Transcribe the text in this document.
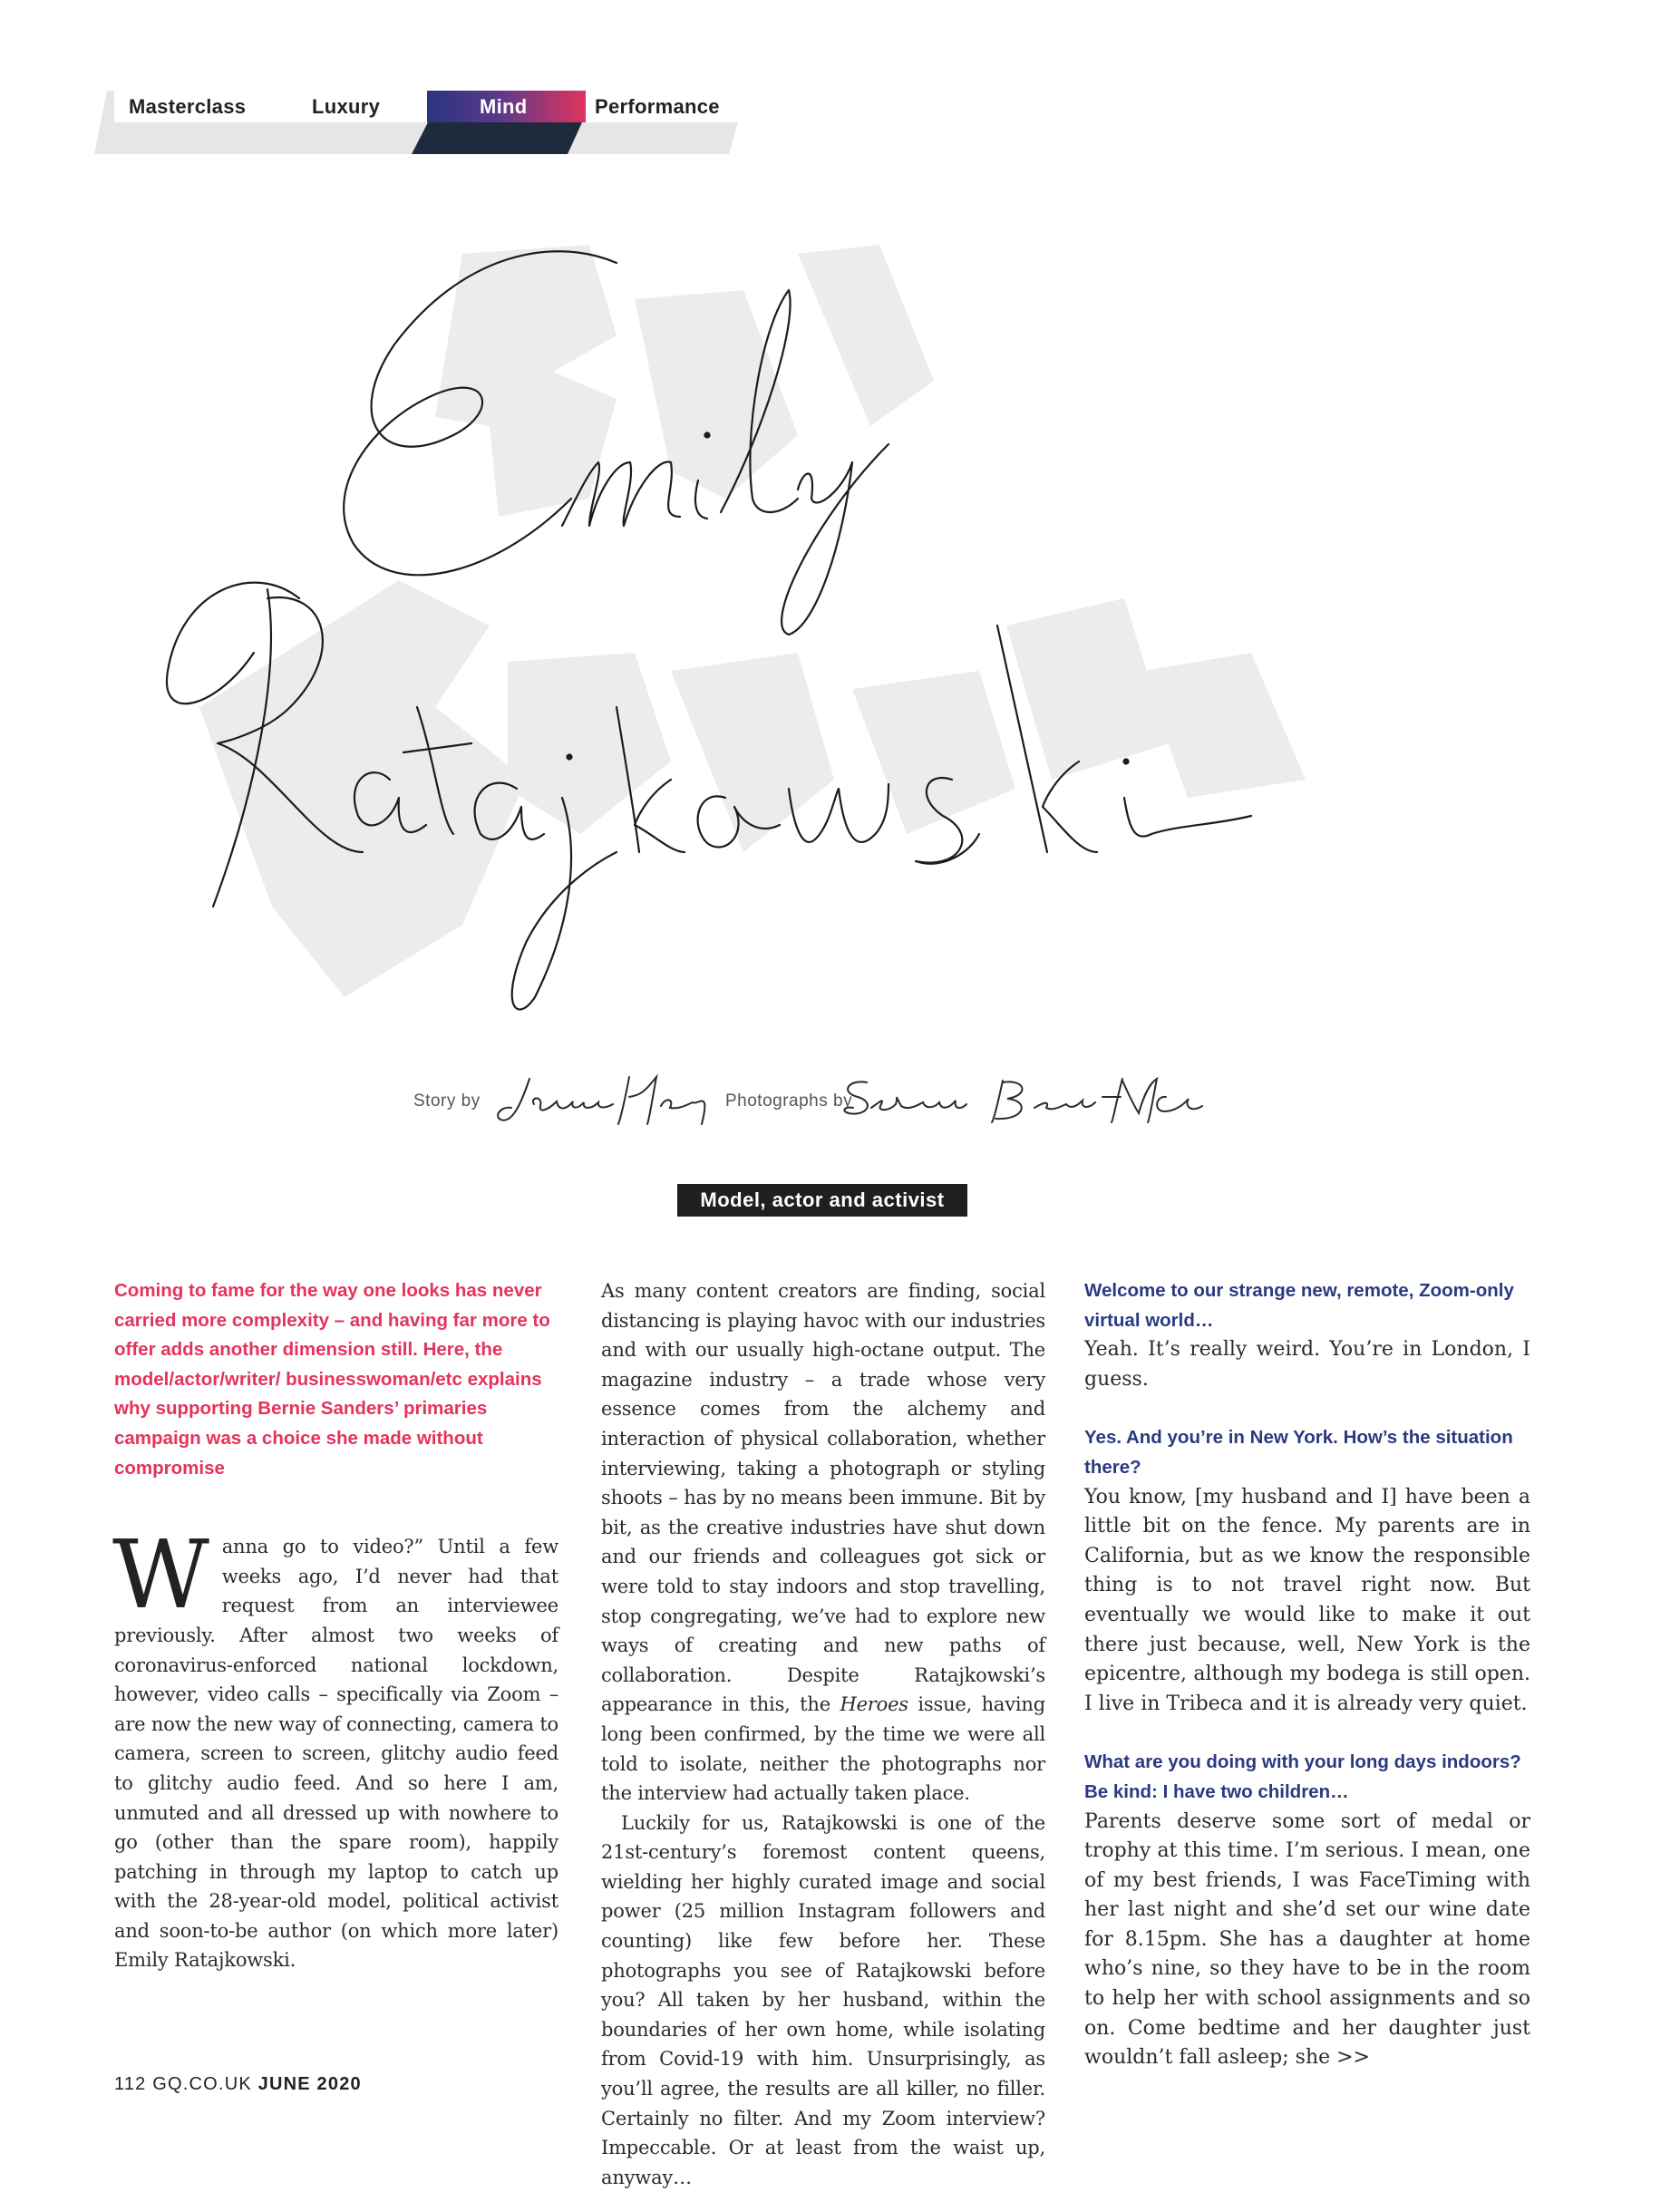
Masterclass	Luxury	Mind	Performance
Story by	Photographs by
Model, actor and activist

Coming to fame for the way one looks has never carried more complexity – and having far more to offer adds another dimension still. Here, the model/actor/writer/ businesswoman/etc explains why supporting Bernie Sanders’ primaries campaign was a choice she made without compromise

Wanna go to video?” Until a few weeks ago, I’d never had that request from an interviewee previously. After almost two weeks of coronavirus-enforced national lockdown, however, video calls – specifically via Zoom – are now the new way of connecting, camera to camera, screen to screen, glitchy audio feed to glitchy audio feed. And so here I am, unmuted and all dressed up with nowhere to go (other than the spare room), happily patching in through my laptop to catch up with the 28-year-old model, political activist and soon-to-be author (on which more later) Emily Ratajkowski.

As many content creators are finding, social distancing is playing havoc with our industries and with our usually high-octane output. The magazine industry – a trade whose very essence comes from the alchemy and interaction of physical collaboration, whether interviewing, taking a photograph or styling shoots – has by no means been immune. Bit by bit, as the creative industries have shut down and our friends and colleagues got sick or were told to stay indoors and stop travelling, stop congregating, we’ve had to explore new ways of creating and new paths of collaboration. Despite Ratajkowski’s appearance in this, the Heroes issue, having long been confirmed, by the time we were all told to isolate, neither the photographs nor the interview had actually taken place.

Luckily for us, Ratajkowski is one of the 21st-century’s foremost content queens, wielding her highly curated image and social power (25 million Instagram followers and counting) like few before her. These photographs you see of Ratajkowski before you? All taken by her husband, within the boundaries of her own home, while isolating from Covid-19 with him. Unsurprisingly, as you’ll agree, the results are all killer, no filler. Certainly no filter. And my Zoom interview? Impeccable. Or at least from the waist up, anyway…

Welcome to our strange new, remote, Zoom-only virtual world…

Yeah. It’s really weird. You’re in London, I guess.

Yes. And you’re in New York. How’s the situation there?

You know, [my husband and I] have been a little bit on the fence. My parents are in California, but as we know the responsible thing is to not travel right now. But eventually we would like to make it out there just because, well, New York is the epicentre, although my bodega is still open. I live in Tribeca and it is already very quiet.

What are you doing with your long days indoors? Be kind: I have two children…

Parents deserve some sort of medal or trophy at this time. I’m serious. I mean, one of my best friends, I was FaceTiming with her last night and she’d set our wine date for 8.15pm. She has a daughter at home who’s nine, so they have to be in the room to help her with school assignments and so on. Come bedtime and her daughter just wouldn’t fall asleep; she >>

112 GQ.CO.UK JUNE 2020
